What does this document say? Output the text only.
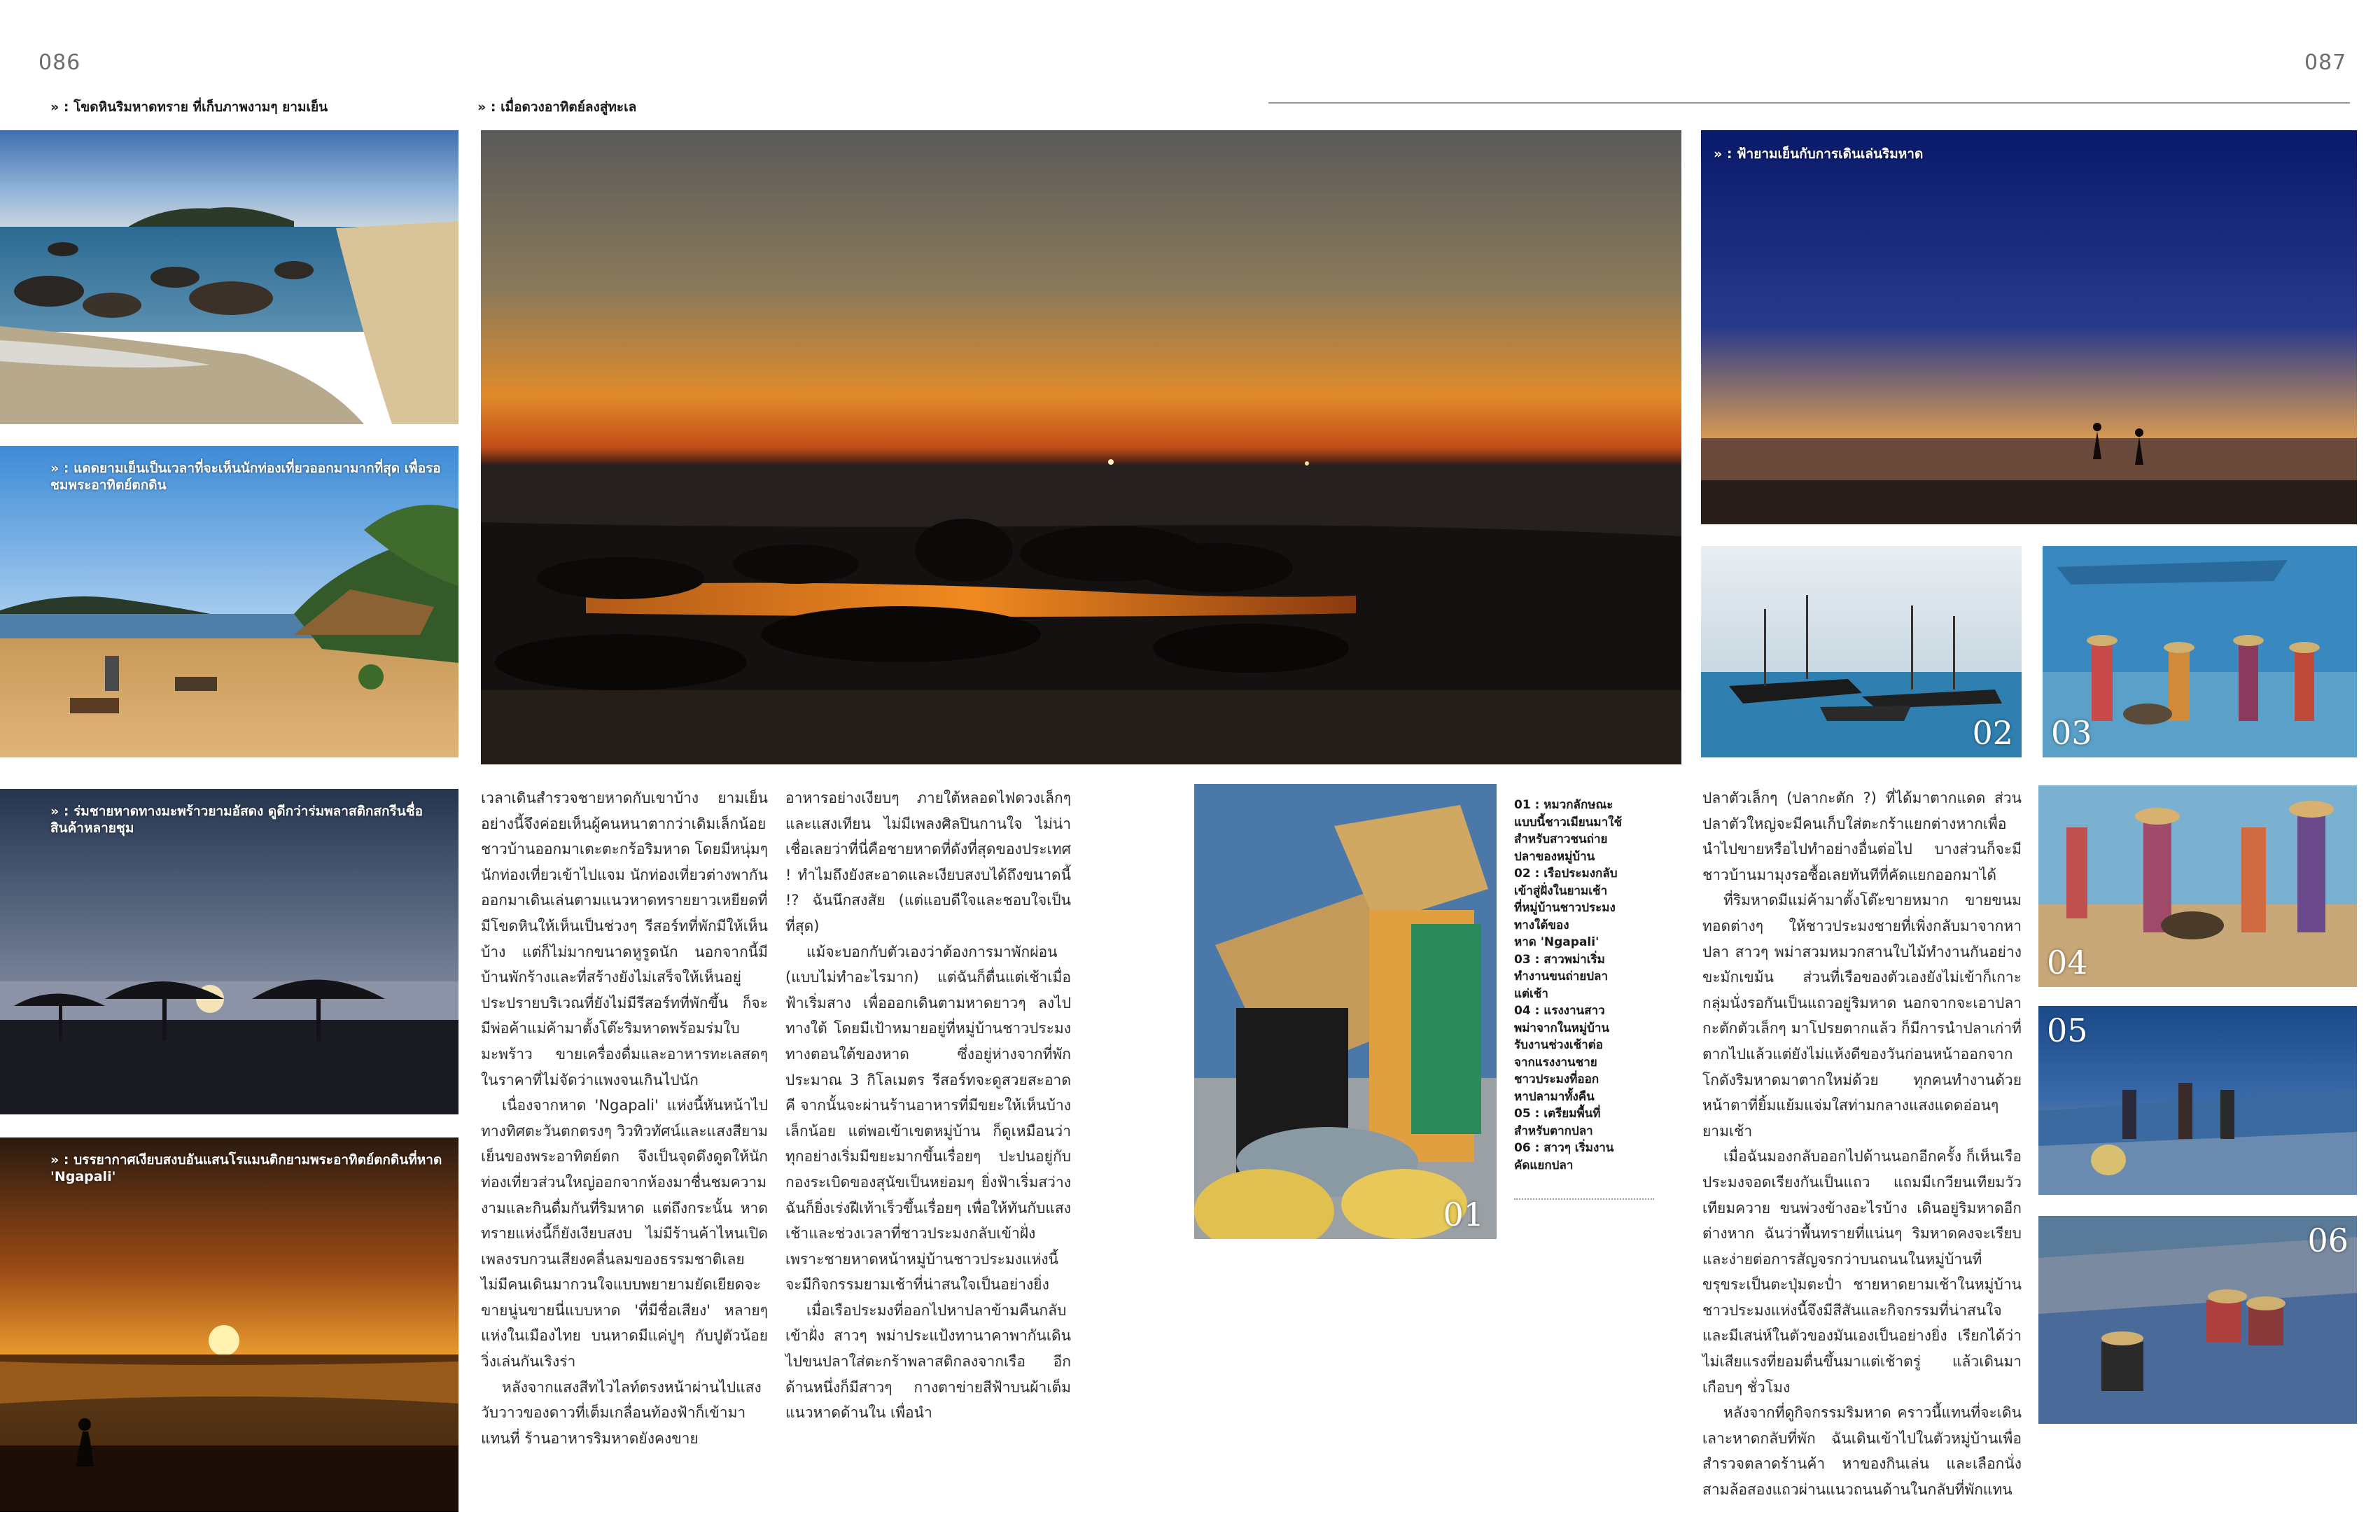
086	087
» : โขดหินริมหาดทราย ที่เก็บภาพงามๆ ยามเย็น	» : เมื่อดวงอาทิตย์ลงสู่ทะเล
» : แดดยามเย็นเป็นเวลาที่จะเห็นนักท่องเที่ยวออกมามากที่สุด เพื่อรอชมพระอาทิตย์ตกดิน
» : ร่มชายหาดทางมะพร้าวยามอัสดง ดูดีกว่าร่มพลาสติกสกรีนชื่อสินค้าหลายชุม
» : บรรยากาศเงียบสงบอันแสนโรแมนติกยามพระอาทิตย์ตกดินที่หาด 'Ngapali'

เวลาเดินสำรวจชายหาดกับเขาบ้าง ยามเย็นอย่างนี้จึงค่อยเห็นผู้คนหนาตากว่าเดิมเล็กน้อย ชาวบ้านออกมาเตะตะกร้อริมหาด โดยมีหนุ่มๆ นักท่องเที่ยวเข้าไปแจม นักท่องเที่ยวต่างพากันออกมาเดินเล่นตามแนวหาดทรายยาวเหยียดที่มีโขดหินให้เห็นเป็นช่วงๆ รีสอร์ทที่พักมีให้เห็นบ้าง แต่ก็ไม่มากขนาดหูรูดนัก นอกจากนี้มีบ้านพักร้างและที่สร้างยังไม่เสร็จให้เห็นอยู่ประปรายบริเวณที่ยังไม่มีรีสอร์ทที่พักขึ้น ก็จะมีพ่อค้าแม่ค้ามาตั้งโต๊ะริมหาดพร้อมร่มใบมะพร้าว ขายเครื่องดื่มและอาหารทะเลสดๆ ในราคาที่ไม่จัดว่าแพงจนเกินไปนัก

เนื่องจากหาด 'Ngapali' แห่งนี้หันหน้าไปทางทิศตะวันตกตรงๆ วิวทิวทัศน์และแสงสียามเย็นของพระอาทิตย์ตก จึงเป็นจุดดึงดูดให้นักท่องเที่ยวส่วนใหญ่ออกจากห้องมาชื่นชมความงามและกินดื่มกันที่ริมหาด แต่ถึงกระนั้น หาดทรายแห่งนี้ก็ยังเงียบสงบ ไม่มีร้านค้าไหนเปิดเพลงรบกวนเสียงคลื่นลมของธรรมชาติเลย ไม่มีคนเดินมากวนใจแบบพยายามยัดเยียดจะขายนู่นขายนี่แบบหาด 'ที่มีชื่อเสียง' หลายๆ แห่งในเมืองไทย บนหาดมีแค่ปูๆ กับปูตัวน้อยวิ่งเล่นกันเริงร่า

หลังจากแสงสีทไวไลท์ตรงหน้าผ่านไปแสงวับวาวของดาวที่เต็มเกลื่อนท้องฟ้าก็เข้ามาแทนที่ ร้านอาหารริมหาดยังคงขาย

อาหารอย่างเงียบๆ ภายใต้หลอดไฟดวงเล็กๆ และแสงเทียน ไม่มีเพลงศิลปินกานใจ ไม่น่าเชื่อเลยว่าที่นี่คือชายหาดที่ดังที่สุดของประเทศ ! ทำไมถึงยังสะอาดและเงียบสงบได้ถึงขนาดนี้ !? ฉันนึกสงสัย (แต่แอบดีใจและชอบใจเป็นที่สุด)

แม้จะบอกกับตัวเองว่าต้องการมาพักผ่อน (แบบไม่ทำอะไรมาก) แต่ฉันก็ตื่นแต่เช้าเมื่อฟ้าเริ่มสาง เพื่อออกเดินตามหาดยาวๆ ลงไปทางใต้ โดยมีเป้าหมายอยู่ที่หมู่บ้านชาวประมงทางตอนใต้ของหาด ซึ่งอยู่ห่างจากที่พักประมาณ 3 กิโลเมตร รีสอร์ทจะดูสวยสะอาดคี จากนั้นจะผ่านร้านอาหารที่มีขยะให้เห็นบ้างเล็กน้อย แต่พอเข้าเขตหมู่บ้าน ก็ดูเหมือนว่าทุกอย่างเริ่มมีขยะมากขึ้นเรื่อยๆ ปะปนอยู่กับกองระเบิดของสุนัขเป็นหย่อมๆ ยิ่งฟ้าเริ่มสว่างฉันก็ยิ่งเร่งฝีเท้าเร็วขึ้นเรื่อยๆ เพื่อให้ทันกับแสงเช้าและช่วงเวลาที่ชาวประมงกลับเข้าฝั่ง เพราะชายหาดหน้าหมู่บ้านชาวประมงแห่งนี้จะมีกิจกรรมยามเช้าที่น่าสนใจเป็นอย่างยิ่ง

เมื่อเรือประมงที่ออกไปหาปลาข้ามคืนกลับเข้าฝั่ง สาวๆ พม่าประแป้งทานาคาพากันเดินไปขนปลาใส่ตะกร้าพลาสติกลงจากเรือ อีกด้านหนึ่งก็มีสาวๆ กางตาข่ายสีฟ้าบนผ้าเต็มแนวหาดด้านใน เพื่อนำ

» : ฟ้ายามเย็นกับการเดินเล่นริมหาด
02 03
01
01 : หมวกลักษณะ
แบบนี้ชาวเมียนมาใช้
สำหรับสาวชนถ่าย
ปลาของหมู่บ้าน
02 : เรือประมงกลับ
เข้าสู่ฝั่งในยามเช้า
ที่หมู่บ้านชาวประมง
ทางใต้ของ
หาด 'Ngapali'
03 : สาวพม่าเริ่ม
ทำงานขนถ่ายปลา
แต่เช้า
04 : แรงงานสาว
พม่าจากในหมู่บ้าน
รับงานช่วงเช้าต่อ
จากแรงงานชาย
ชาวประมงที่ออก
หาปลามาทั้งคืน
05 : เตรียมพื้นที่
สำหรับตากปลา
06 : สาวๆ เริ่มงาน
คัดแยกปลา

ปลาตัวเล็กๆ (ปลากะตัก ?) ที่ได้มาตากแดด ส่วนปลาตัวใหญ่จะมีคนเก็บใส่ตะกร้าแยกต่างหากเพื่อนำไปขายหรือไปทำอย่างอื่นต่อไป บางส่วนก็จะมีชาวบ้านมามุงรอซื้อเลยทันทีที่คัดแยกออกมาได้

ที่ริมหาดมีแม่ค้ามาตั้งโต๊ะขายหมาก ขายขนมทอดต่างๆ ให้ชาวประมงชายที่เพิ่งกลับมาจากหาปลา สาวๆ พม่าสวมหมวกสานใบไม้ทำงานกันอย่างขะมักเขม้น ส่วนที่เรือของตัวเองยังไม่เข้าก็เกาะกลุ่มนั่งรอกันเป็นแถวอยู่ริมหาด นอกจากจะเอาปลากะตักตัวเล็กๆ มาโปรยตากแล้ว ก็มีการนำปลาเก่าที่ตากไปแล้วแต่ยังไม่แห้งดีของวันก่อนหน้าออกจากโกดังริมหาดมาตากใหม่ด้วย ทุกคนทำงานด้วยหน้าตาที่ยิ้มแย้มแจ่มใสท่ามกลางแสงแดดอ่อนๆ ยามเช้า

เมื่อฉันมองกลับออกไปด้านนอกอีกครั้ง ก็เห็นเรือประมงจอดเรียงกันเป็นแถว แถมมีเกวียนเทียมวัว เทียมควาย ขนพ่วงข้างอะไรบ้าง เดินอยู่ริมหาดอีกต่างหาก ฉันว่าพื้นทรายที่แน่นๆ ริมหาดคงจะเรียบและง่ายต่อการสัญจรกว่าบนถนนในหมู่บ้านที่ขรุขระเป็นตะปุ่มตะป่ำ ชายหาดยามเช้าในหมู่บ้านชาวประมงแห่งนี้จึงมีสีสันและกิจกรรมที่น่าสนใจและมีเสน่ห์ในตัวของมันเองเป็นอย่างยิ่ง เรียกได้ว่าไม่เสียแรงที่ยอมตื่นขึ้นมาแต่เช้าตรู่ แล้วเดินมาเกือบๆ ชั่วโมง

หลังจากที่ดูกิจกรรมริมหาด คราวนี้แทนที่จะเดินเลาะหาดกลับที่พัก ฉันเดินเข้าไปในตัวหมู่บ้านเพื่อสำรวจตลาดร้านค้า หาของกินเล่น และเลือกนั่งสามล้อสองแถวผ่านแนวถนนด้านในกลับที่พักแทน

04
05
06
